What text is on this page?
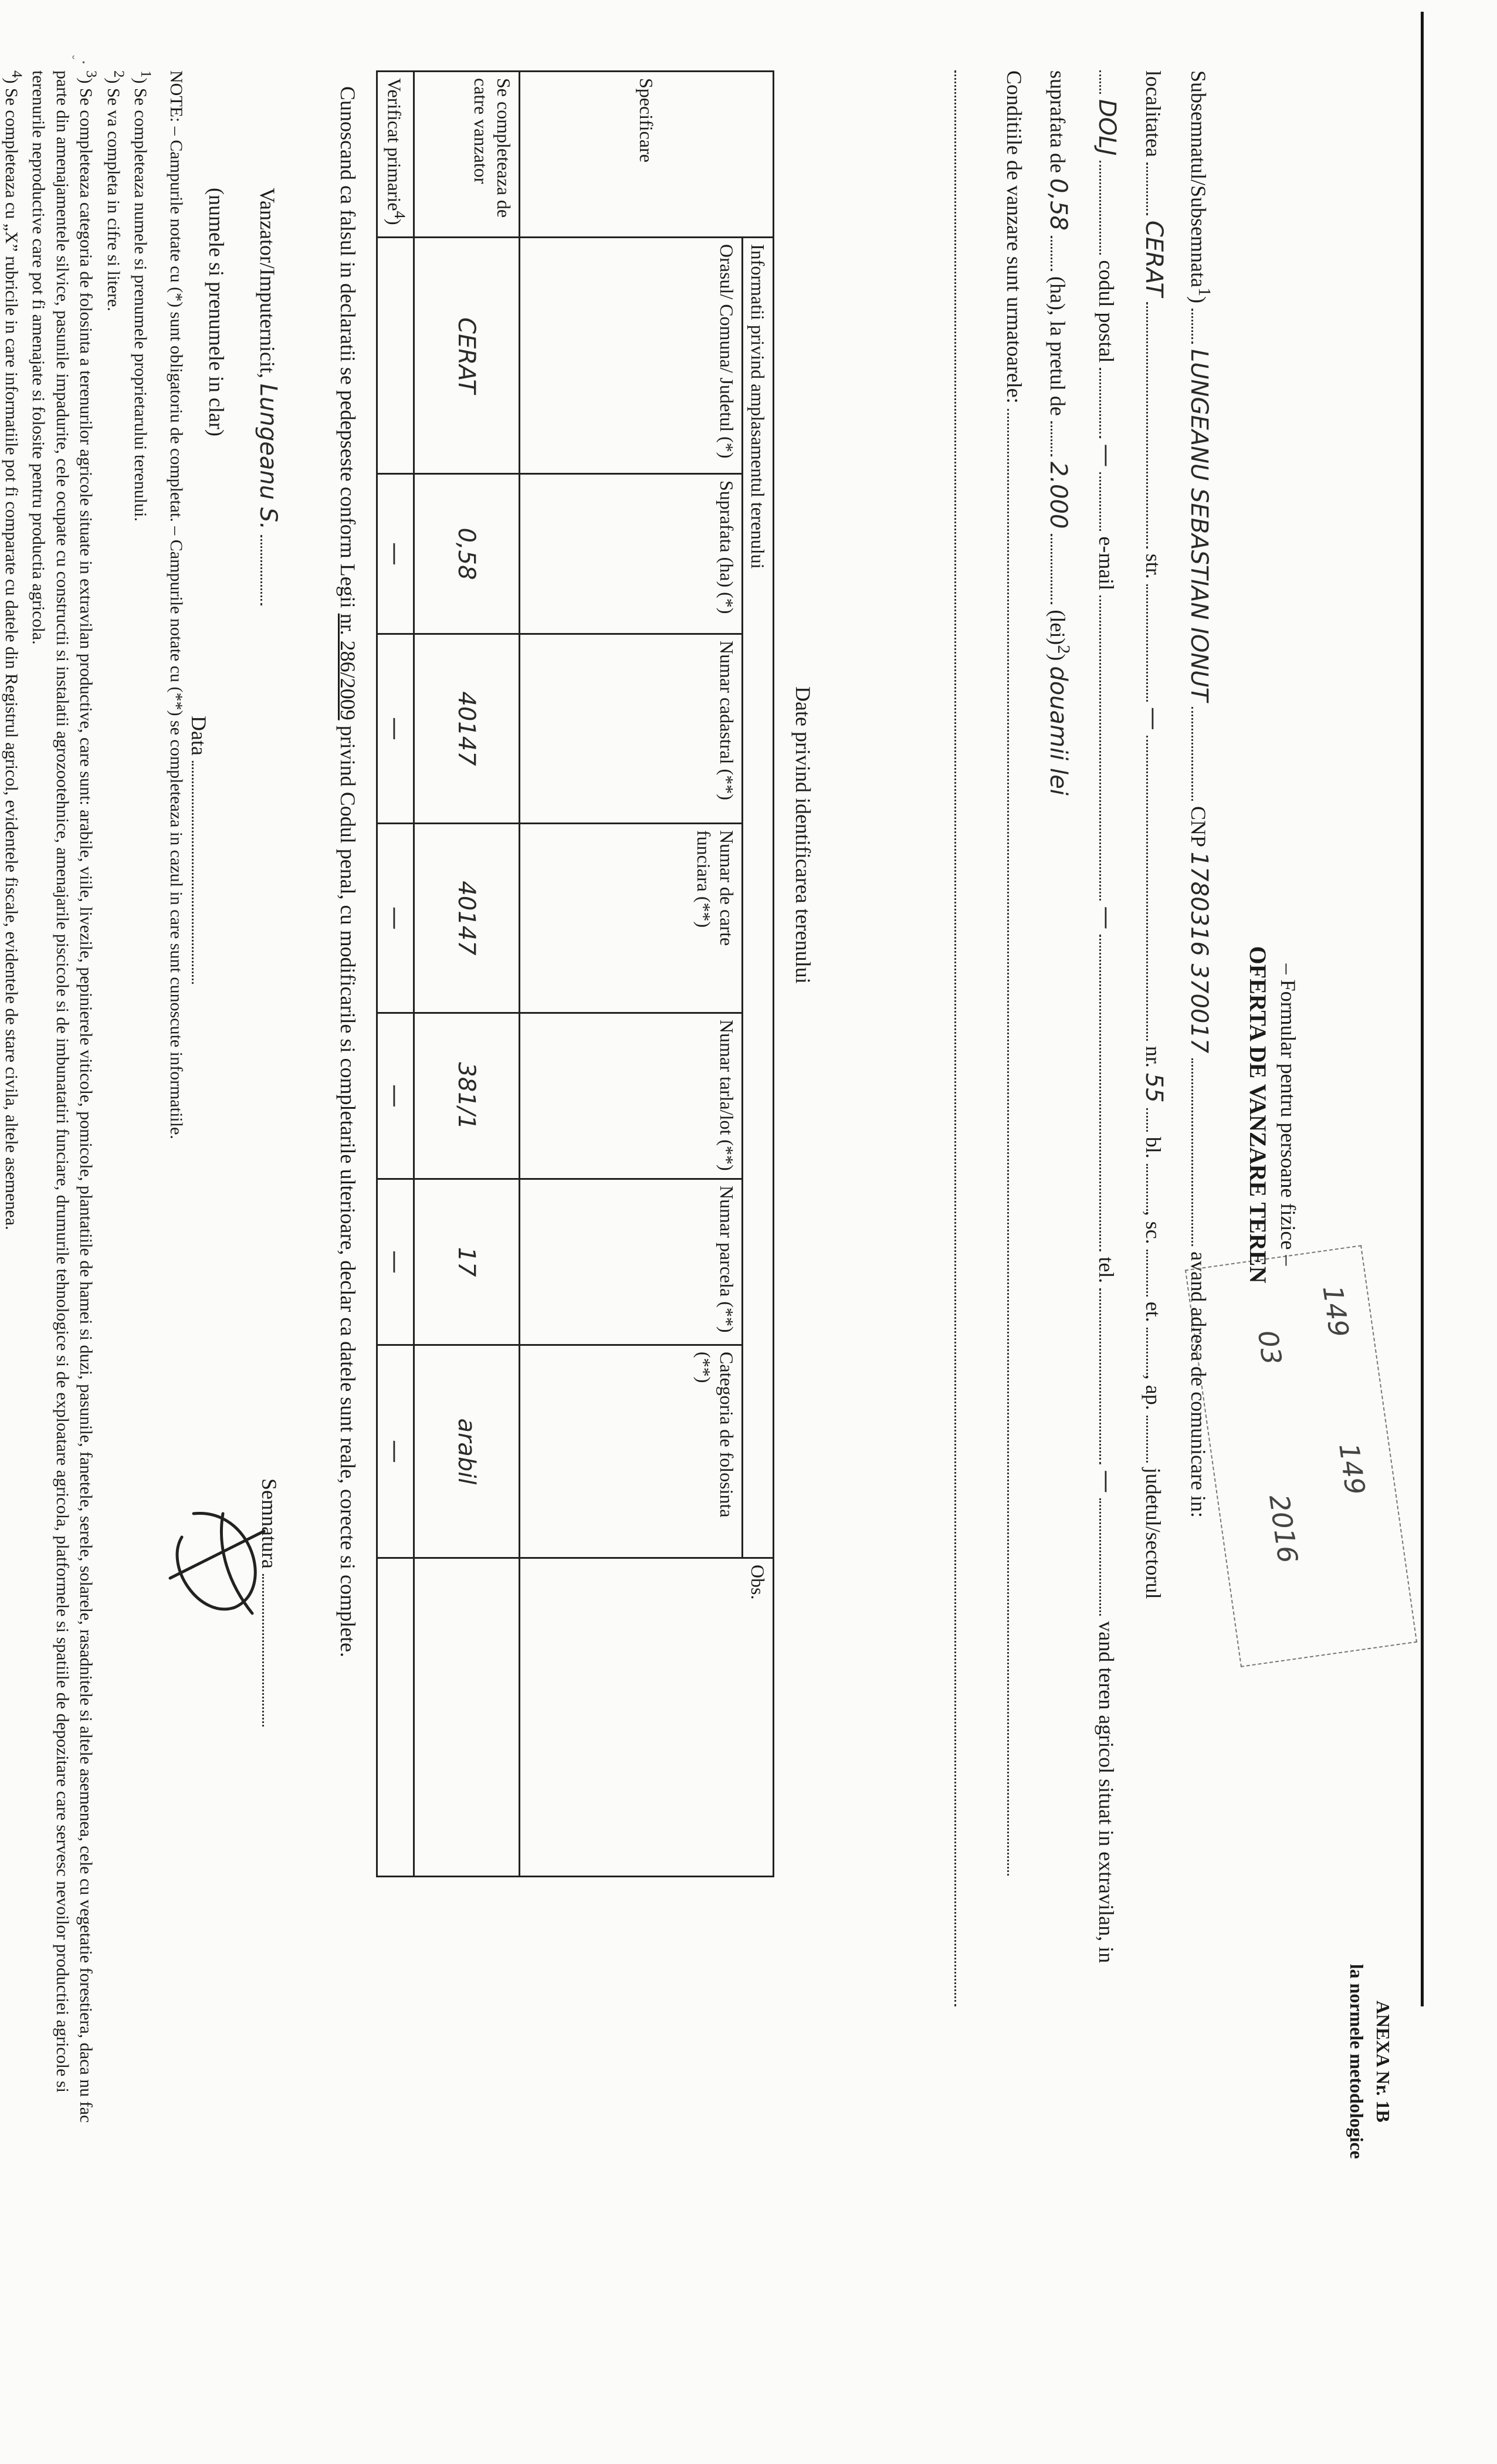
ʿ ·
ANEXA Nr. 1B
la normele metodologice
149
149
03
2016
– Formular pentru persoane fizice –
OFERTA DE VANZARE TEREN
Subsemnatul/Subsemnata$^1$)  LUNGEANU SEBASTIAN IONUT  CNP 1780316 370017  avand adresa de comunicare in:
localitatea  CERAT  str.  —  nr. 55  bl. , sc.  et. , ap.  judetul/sectorul
DOLJ  codul postal  —  e-mail  —  tel.  —  vand teren agricol situat in extravilan, in
suprafata de 0,58  (ha), la pretul de  2.000  (lei)$^2$) douamii lei
Conditiile de vanzare sunt urmatoarele:
Date privind identificarea terenului
Specificare	Informatii privind amplasamentul terenului							Obs.
	Orasul/ Comuna/ Judetul (*)	Suprafata (ha) (*)	Numar cadastral (**)	Numar de carte funciara (**)	Numar tarla/lot (**)	Numar parcela (**)	Categoria de folosinta (**)	
Se completeaza de catre vanzator	CERAT	0,58	40147	40147	381/1	17	arabil	
Verificat primarie$^4$)		—	—	—	—	—	—	
Cunoscand ca falsul in declaratii se pedepseste conform Legii nr. 286/2009 privind Codul penal, cu modificarile si completarile ulterioare, declar ca datele sunt reale, corecte si complete.
Vanzator/Imputernicit, Lungeanu S.
Semnatura
(numele si prenumele in clar)
Data

NOTE: – Campurile notate cu (*) sunt obligatoriu de completat. – Campurile notate cu (**) se completeaza in cazul in care sunt cunoscute informatiile.

$^1$) Se completeaza numele si prenumele proprietarului terenului.

$^2$) Se va completa in cifre si litere.

$^3$) Se completeaza categoria de folosinta a terenurilor agricole situate in extravilan productive, care sunt: arabile, viile, livezile, pepinierele viticole, pomicole, plantatiile de hamei si duzi, pasunile, fanetele, serele, solarele, rasadnitele si altele asemenea, cele cu vegetatie forestiera, daca nu fac parte din amenajamentele silvice, pasunile impadurite, cele ocupate cu constructii si instalatii agrozootehnice, amenajarile piscicole si de imbunatatiri funciare, drumurile tehnologice si de exploatare agricola, platformele si spatiile de depozitare care servesc nevoilor productiei agricole si terenurile neproductive care pot fi amenajate si folosite pentru productia agricola.

$^4$) Se completeaza cu „X” rubricile in care informatiile pot fi comparate cu datele din Registrul agricol, evidentele fiscale, evidentele de stare civila, altele asemenea.
